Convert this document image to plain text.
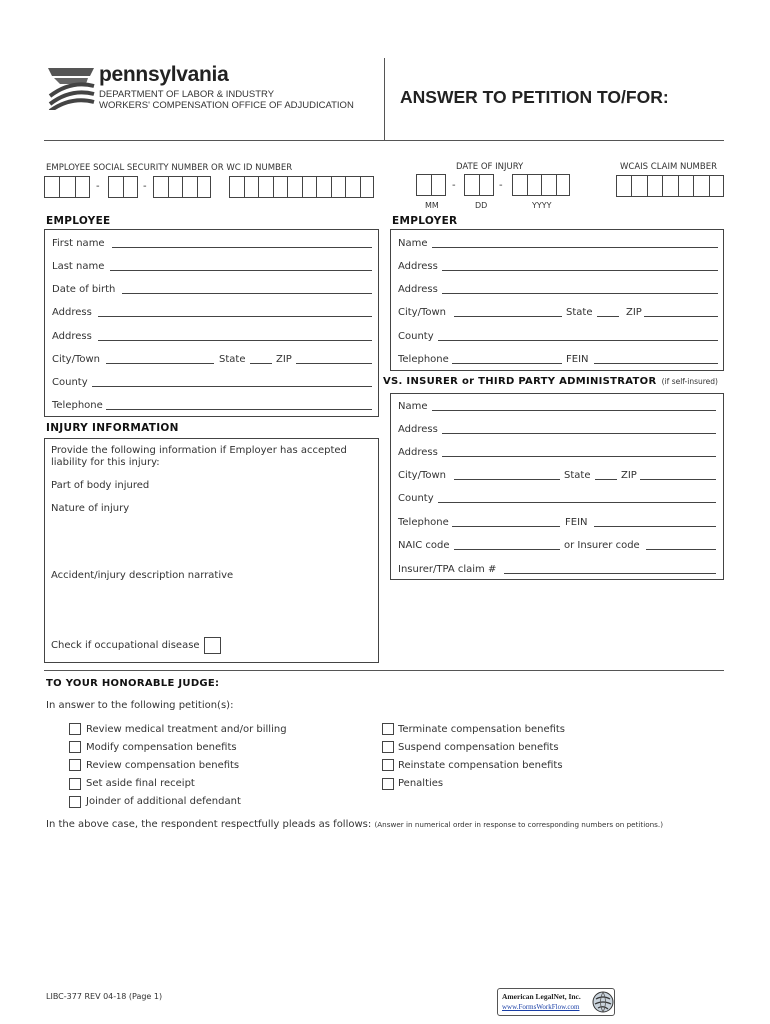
pennsylvania
DEPARTMENT OF LABOR & INDUSTRY
WORKERS' COMPENSATION OFFICE OF ADJUDICATION	ANSWER TO PETITION TO/FOR:
EMPLOYEE SOCIAL SECURITY NUMBER OR WC ID NUMBER	DATE OF INJURY	WCAIS CLAIM NUMBER
-	-	-	-
MM	DD	YYYY
EMPLOYEE
First name
Last name
Date of birth
Address
Address
City/Town	State	ZIP
County
Telephone
EMPLOYER
Name
Address
Address
City/Town	State	ZIP
County
Telephone	FEIN
VS. INSURER or THIRD PARTY ADMINISTRATOR (if self-insured)
Name
Address
Address
City/Town	State	ZIP
County
Telephone	FEIN
NAIC code	or Insurer code
Insurer/TPA claim #
INJURY INFORMATION
Provide the following information if Employer has accepted
liability for this injury:
Part of body injured
Nature of injury
Accident/injury description narrative
Check if occupational disease
TO YOUR HONORABLE JUDGE:
In answer to the following petition(s):
Review medical treatment and/or billing
Modify compensation benefits
Review compensation benefits
Set aside final receipt
Joinder of additional defendant
Terminate compensation benefits
Suspend compensation benefits
Reinstate compensation benefits
Penalties
In the above case, the respondent respectfully pleads as follows: (Answer in numerical order in response to corresponding numbers on petitions.)
LIBC-377 REV 04-18 (Page 1)	American LegalNet, Inc.
www.FormsWorkFlow.com
